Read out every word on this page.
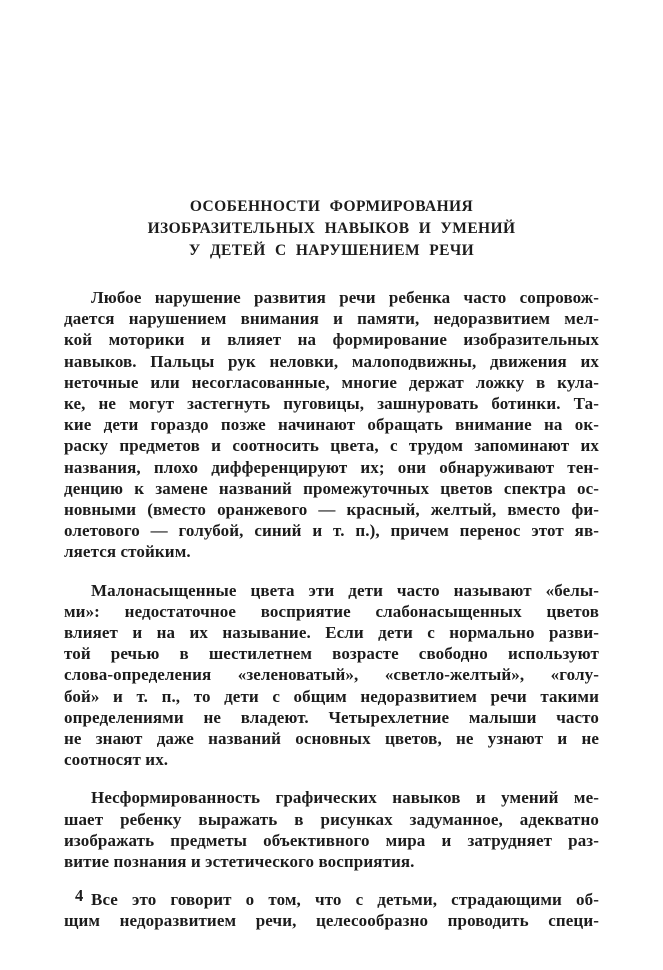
ОСОБЕННОСТИ ФОРМИРОВАНИЯ
ИЗОБРАЗИТЕЛЬНЫХ НАВЫКОВ И УМЕНИЙ
У ДЕТЕЙ С НАРУШЕНИЕМ РЕЧИ

Любое нарушение развития речи ребенка часто сопровож-
дается нарушением внимания и памяти, недоразвитием мел-
кой моторики и влияет на формирование изобразительных
навыков. Пальцы рук неловки, малоподвижны, движения их
неточные или несогласованные, многие держат ложку в кула-
ке, не могут застегнуть пуговицы, зашнуровать ботинки. Та-
кие дети гораздо позже начинают обращать внимание на ок-
раску предметов и соотносить цвета, с трудом запоминают их
названия, плохо дифференцируют их; они обнаруживают тен-
денцию к замене названий промежуточных цветов спектра ос-
новными (вместо оранжевого — красный, желтый, вместо фи-
олетового — голубой, синий и т. п.), причем перенос этот яв-
ляется стойким.

Малонасыщенные цвета эти дети часто называют «белы-
ми»: недостаточное восприятие слабонасыщенных цветов
влияет и на их называние. Если дети с нормально разви-
той речью в шестилетнем возрасте свободно используют
слова-определения «зеленоватый», «светло-желтый», «голу-
бой» и т. п., то дети с общим недоразвитием речи такими
определениями не владеют. Четырехлетние малыши часто
не знают даже названий основных цветов, не узнают и не
соотносят их.

Несформированность графических навыков и умений ме-
шает ребенку выражать в рисунках задуманное, адекватно
изображать предметы объективного мира и затрудняет раз-
витие познания и эстетического восприятия.

Все это говорит о том, что с детьми, страдающими об-
щим недоразвитием речи, целесообразно проводить специ-

4
